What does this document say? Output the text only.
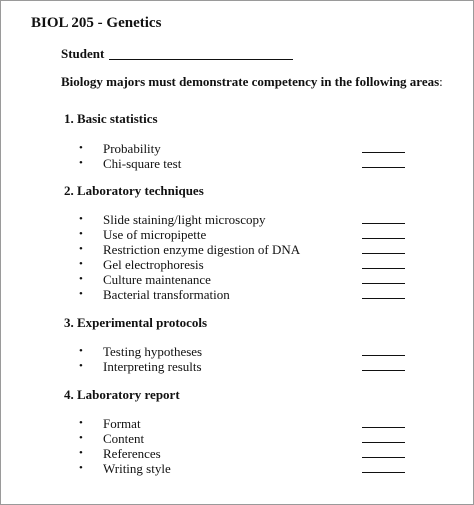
BIOL 205 - Genetics
Student
Biology majors must demonstrate competency in the following areas:
1. Basic statistics
• Probability
• Chi-square test
2. Laboratory techniques
• Slide staining/light microscopy
• Use of micropipette
• Restriction enzyme digestion of DNA
• Gel electrophoresis
• Culture maintenance
• Bacterial transformation
3. Experimental protocols
• Testing hypotheses
• Interpreting results
4. Laboratory report
• Format
• Content
• References
• Writing style
